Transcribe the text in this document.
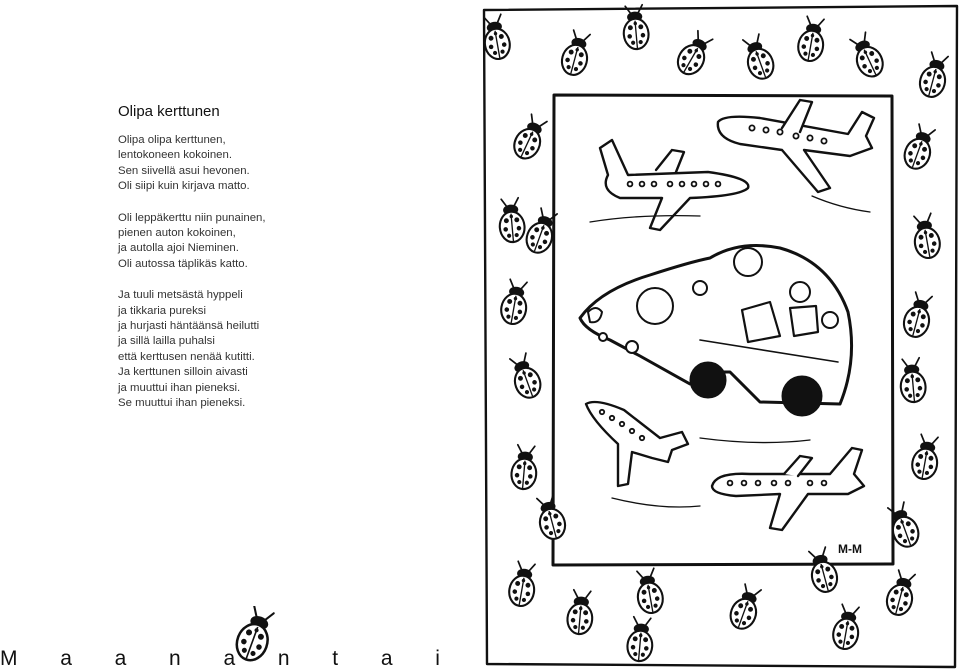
Olipa kerttunen
Olipa olipa kerttunen,
lentokoneen kokoinen.
Sen siivellä asui hevonen.
Oli siipi kuin kirjava matto.
Oli leppäkerttu niin punainen,
pienen auton kokoinen,
ja autolla ajoi Nieminen.
Oli autossa täplikäs katto.
Ja tuuli metsästä hyppeli
ja tikkaria pureksi
ja hurjasti häntäänsä heilutti
ja sillä lailla puhalsi
että kerttusen nenää kutitti.
Ja kerttunen silloin aivasti
ja muuttui ihan pieneksi.
Se muuttui ihan pieneksi.
M a a n a n t a i
M-M
